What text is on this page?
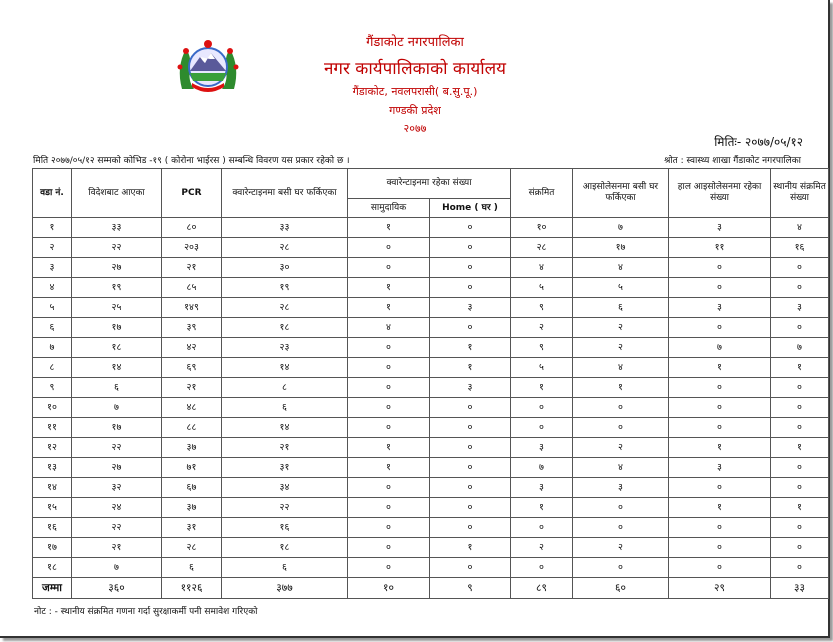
गैंडाकोट नगरपालिका
नगर कार्यपालिकाको कार्यालय
गैंडाकोट, नवलपरासी( ब.सु.पू.)
गण्डकी प्रदेश
२०७७
मितिः- २०७७/०५/१२
मिति २०७७/०५/१२ सम्मको कोभिड -१९ ( कोरोना भाईरस ) सम्बन्धि विवरण यस प्रकार रहेको छ ।	श्रोत : स्वास्थ्य शाखा गैंडाकोट नगरपालिका
वडा नं.	विदेशबाट आएका	PCR	क्वारेन्टाइनमा बसी घर फर्किएका	क्वारेन्टाइनमा रहेका संख्या		संक्रमित	आइसोलेसनमा बसी घर फर्किएका	हाल आइसोलेसनमा रहेका संख्या	स्थानीय संक्रमित संख्या
				सामुदायिक	Home ( घर )				
१	३३	८०	३३	१	०	१०	७	३	४
२	२२	२०३	२८	०	०	२८	१७	११	१६
३	२७	२१	३०	०	०	४	४	०	०
४	१९	८५	१९	१	०	५	५	०	०
५	२५	१४९	२८	१	३	९	६	३	३
६	१७	३९	१८	४	०	२	२	०	०
७	१८	४२	२३	०	१	९	२	७	७
८	१४	६९	१४	०	१	५	४	१	१
९	६	२१	८	०	३	१	१	०	०
१०	७	४८	६	०	०	०	०	०	०
११	१७	८८	१४	०	०	०	०	०	०
१२	२२	३७	२१	१	०	३	२	१	१
१३	२७	७१	३१	१	०	७	४	३	०
१४	३२	६७	३४	०	०	३	३	०	०
१५	२४	३७	२२	०	०	१	०	१	१
१६	२२	३१	१६	०	०	०	०	०	०
१७	२१	२८	१८	०	१	२	२	०	०
१८	७	६	६	०	०	०	०	०	०
जम्मा	३६०	११२६	३७७	१०	९	८९	६०	२९	३३
नोट : - स्थानीय संक्रमित गणना गर्दा सुरक्षाकर्मी पनी समावेश गरिएको
